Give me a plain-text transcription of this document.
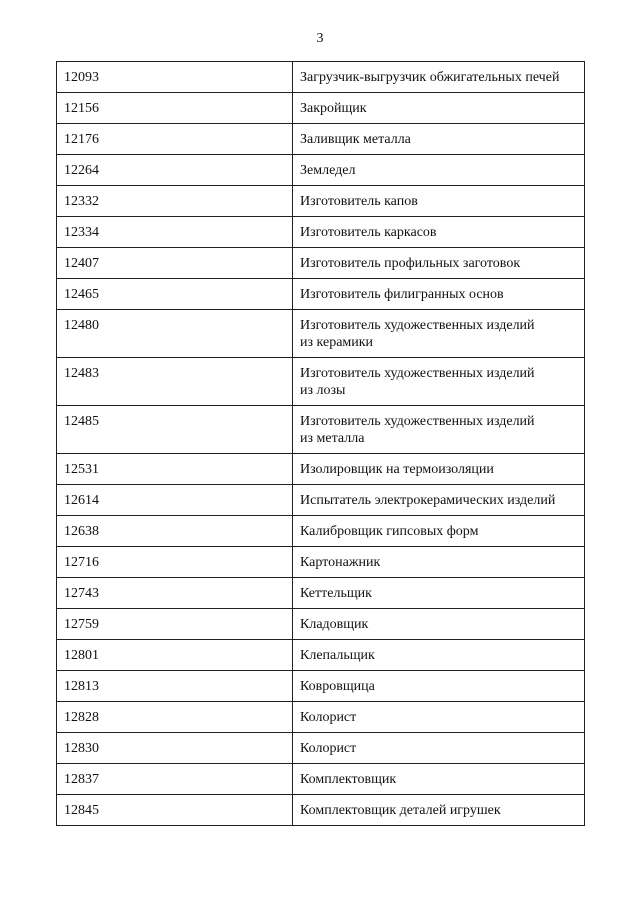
3
12093	Загрузчик-выгрузчик обжигательных печей
12156	Закройщик
12176	Заливщик металла
12264	Земледел
12332	Изготовитель капов
12334	Изготовитель каркасов
12407	Изготовитель профильных заготовок
12465	Изготовитель филигранных основ
12480	Изготовитель художественных изделий
из керамики

12483	Изготовитель художественных изделий
из лозы

12485	Изготовитель художественных изделий
из металла

12531	Изолировщик на термоизоляции
12614	Испытатель электрокерамических изделий
12638	Калибровщик гипсовых форм
12716	Картонажник
12743	Кеттельщик
12759	Кладовщик
12801	Клепальщик
12813	Ковровщица
12828	Колорист
12830	Колорист
12837	Комплектовщик
12845	Комплектовщик деталей игрушек
